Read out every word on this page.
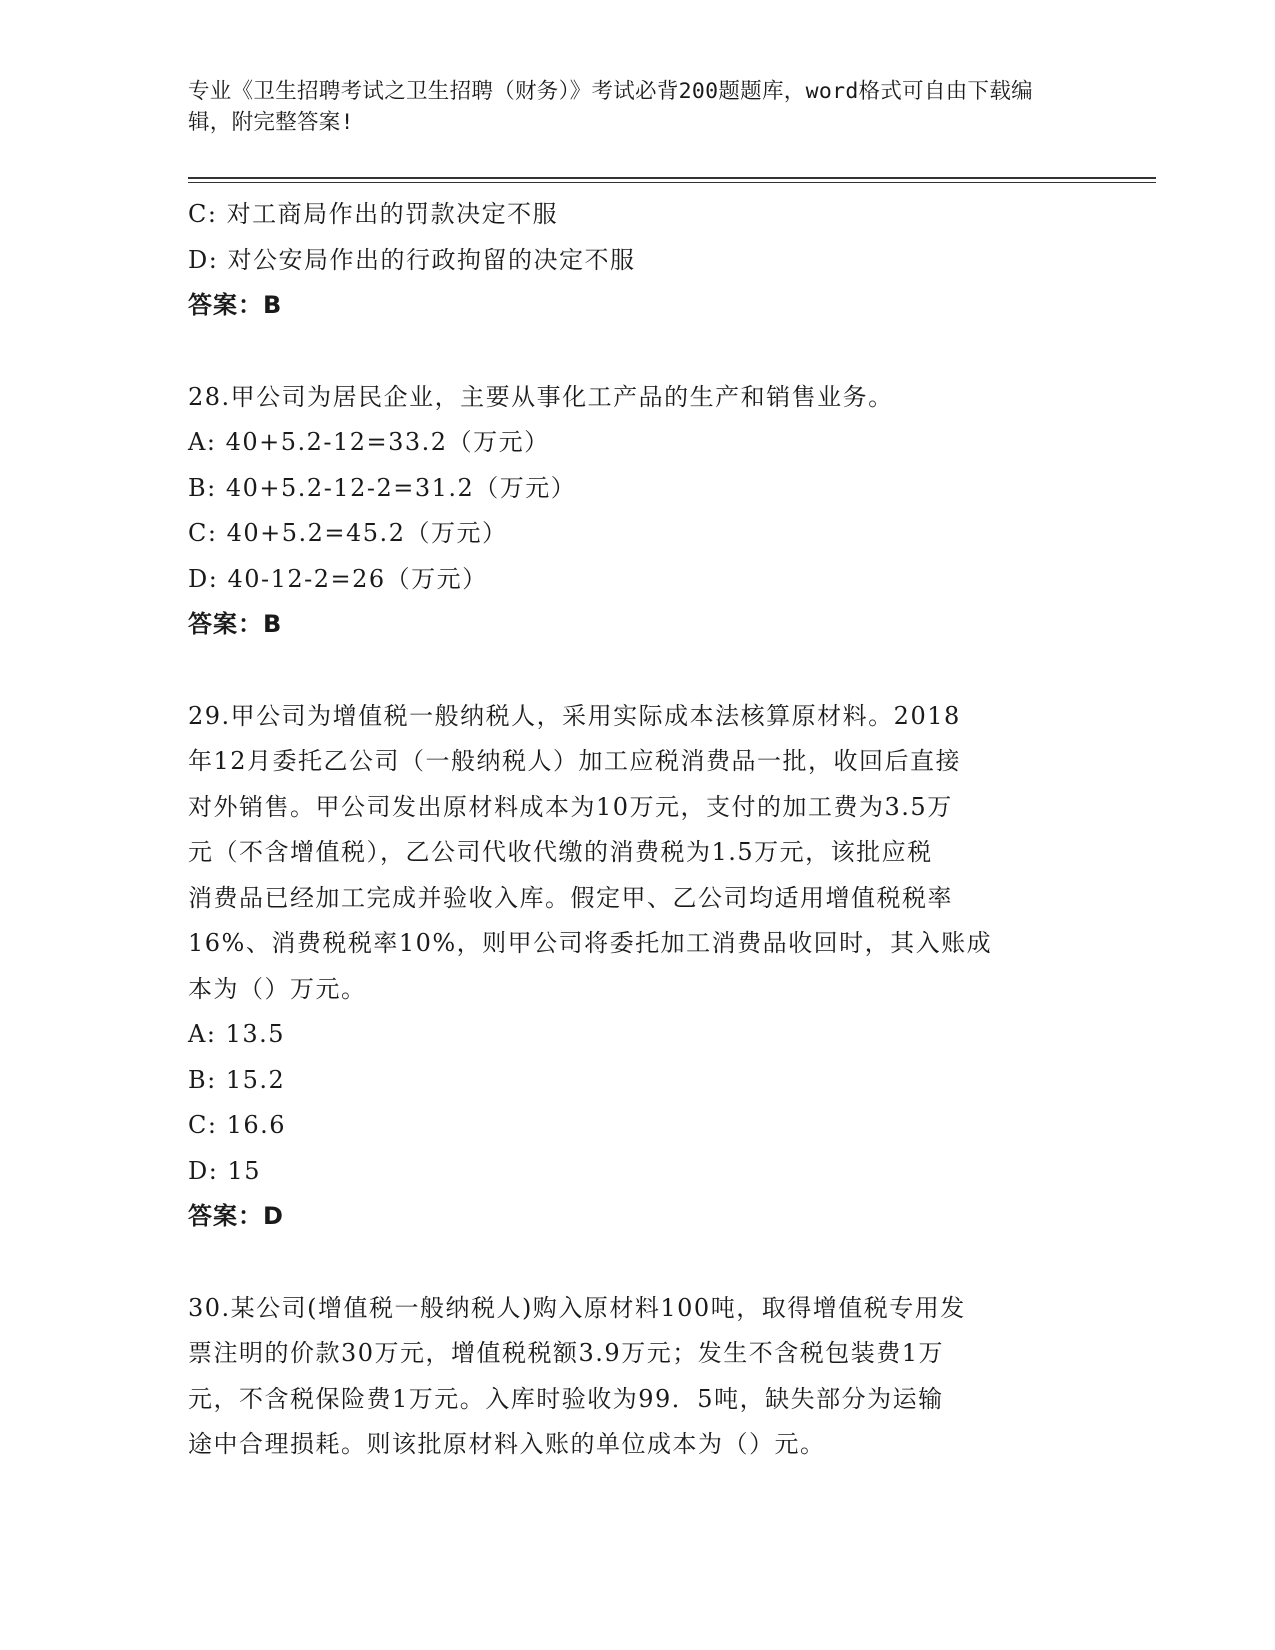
专业《卫生招聘考试之卫生招聘（财务）》考试必背200题题库，word格式可自由下载编辑，附完整答案!
C: 对工商局作出的罚款决定不服
D: 对公安局作出的行政拘留的决定不服
答案：B
28.甲公司为居民企业，主要从事化工产品的生产和销售业务。
A: 40+5.2-12=33.2（万元）
B: 40+5.2-12-2=31.2（万元）
C: 40+5.2=45.2（万元）
D: 40-12-2=26（万元）
答案：B
29.甲公司为增值税一般纳税人，采用实际成本法核算原材料。2018
年12月委托乙公司（一般纳税人）加工应税消费品一批，收回后直接
对外销售。甲公司发出原材料成本为10万元，支付的加工费为3.5万
元（不含增值税），乙公司代收代缴的消费税为1.5万元，该批应税
消费品已经加工完成并验收入库。假定甲、乙公司均适用增值税税率
16%、消费税税率10%，则甲公司将委托加工消费品收回时，其入账成
本为（）万元。
A: 13.5
B: 15.2
C: 16.6
D: 15
答案：D
30.某公司(增值税一般纳税人)购入原材料100吨，取得增值税专用发
票注明的价款30万元，增值税税额3.9万元；发生不含税包装费1万
元，不含税保险费1万元。入库时验收为99．5吨，缺失部分为运输
途中合理损耗。则该批原材料入账的单位成本为（）元。
